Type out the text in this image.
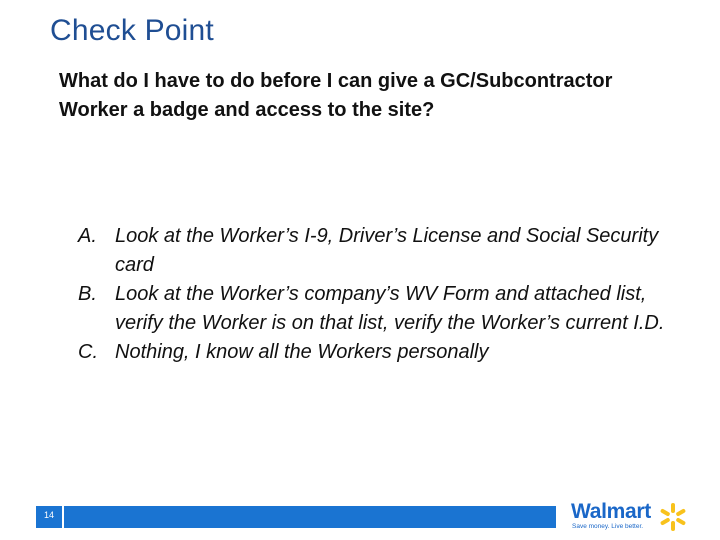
Check Point
What do I have to do before I can give a GC/Subcontractor Worker a badge and access to the site?
A. Look at the Worker’s I-9, Driver’s License and Social Security card
B. Look at the Worker’s company’s WV Form and attached list, verify the Worker is on that list, verify the Worker’s current I.D.
C. Nothing, I know all the Workers personally
14	Walmart
Save money. Live better.
